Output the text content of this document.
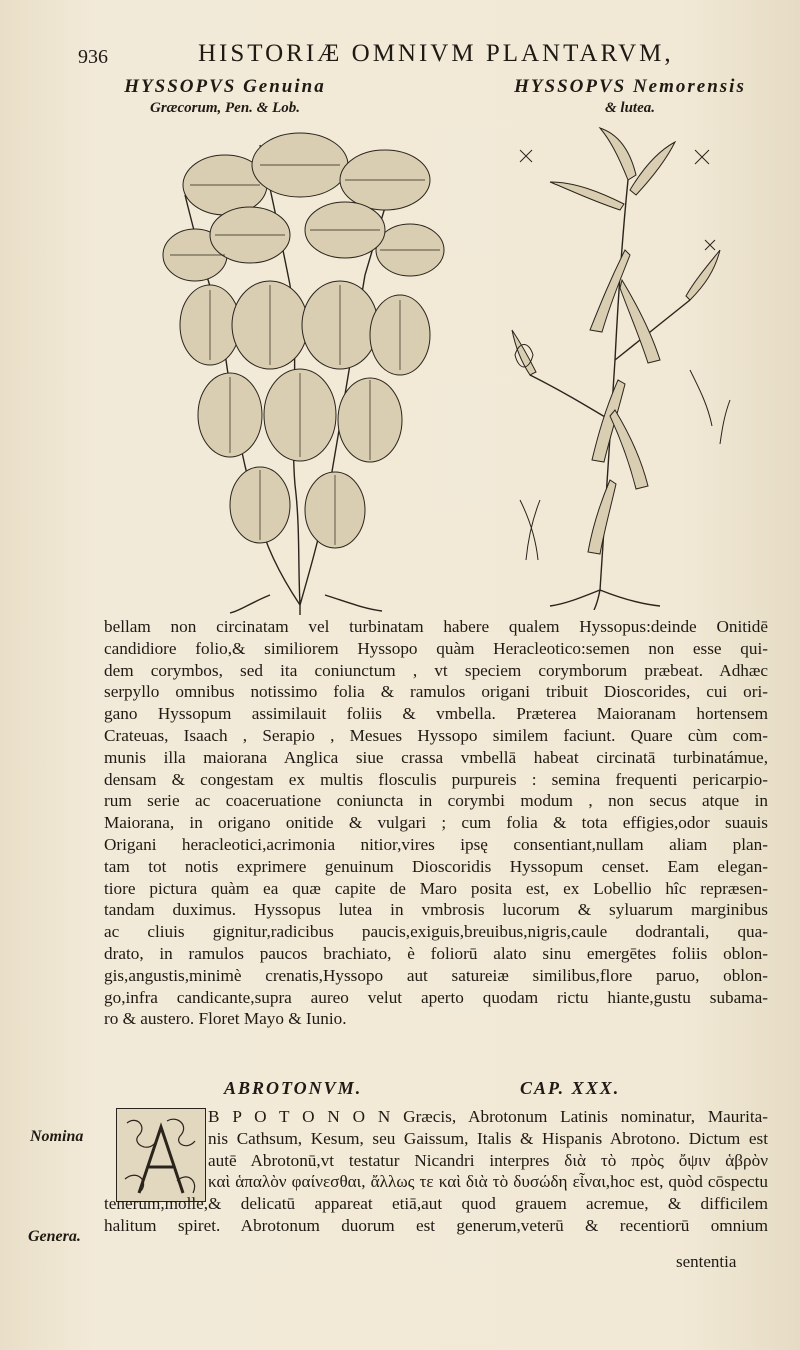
936	HISTORIÆ OMNIVM PLANTARVM,
HYSSOPVS Genuina
Græcorum, Pen. & Lob.
HYSSOPVS Nemorensis
& lutea.
bellam non circinatam vel turbinatam habere qualem Hyssopus:deinde Onitidē
candidiore folio,& similiorem Hyssopo quàm Heracleotico:semen non esse qui-
dem corymbos, sed ita coniunctum , vt speciem corymborum præbeat. Adhæc
serpyllo omnibus notissimo folia & ramulos origani tribuit Dioscorides, cui ori-
gano Hyssopum assimilauit foliis & vmbella. Præterea Maioranam hortensem
Crateuas, Isaach , Serapio , Mesues Hyssopo similem faciunt. Quare cùm com-
munis illa maiorana Anglica siue crassa vmbellā habeat circinatā turbinatámue,
densam & congestam ex multis flosculis purpureis : semina frequenti pericarpio-
rum serie ac coaceruatione coniuncta in corymbi modum , non secus atque in
Maiorana, in origano onitide & vulgari ; cum folia & tota effigies,odor suauis
Origani heracleotici,acrimonia nitior,vires ipsę consentiant,nullam aliam plan-
tam tot notis exprimere genuinum Dioscoridis Hyssopum censet. Eam elegan-
tiore pictura quàm ea quæ capite de Maro posita est, ex Lobellio hîc repræsen-
tandam duximus. Hyssopus lutea in vmbrosis lucorum & syluarum marginibus
ac cliuis gignitur,radicibus paucis,exiguis,breuibus,nigris,caule dodrantali, qua-
drato, in ramulos paucos brachiato, è foliorū alato sinu emergētes foliis oblon-
gis,angustis,minimè crenatis,Hyssopo aut satureiæ similibus,flore paruo, oblon-
go,infra candicante,supra aureo velut aperto quodam rictu hiante,gustu subama-
ro & austero. Floret Mayo & Iunio.
ABROTONVM.	CAP. XXX.
B P O T O N O N Græcis, Abrotonum Latinis nominatur, Maurita-
nis Cathsum, Kesum, seu Gaissum, Italis & Hispanis Abrotono. Dictum est
autē Abrotonū,vt testatur Nicandri interpres διὰ τὸ πρὸς ὄψιν ἁβρὸν
καὶ ἁπαλὸν φαίνεσθαι, ἄλλως τε καὶ διὰ τὸ δυσώδη εἶναι,hoc est, quòd cōspectu
tenerum,molle,& delicatū appareat etiā,aut quod grauem acremue, & difficilem
halitum spiret. Abrotonum duorum est generum,veterū & recentiorū omnium
Nomina
Genera.
sententia
